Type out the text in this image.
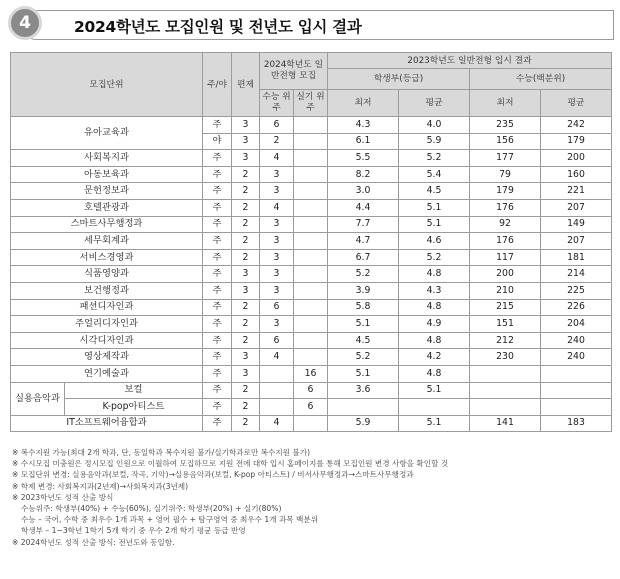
4	2024학년도 모집인원 및 전년도 입시 결과
모집단위		주/야	편제	2024학년도 일반전형 모집		2023학년도 일반전형 입시 결과			
						학생부(등급)		수능(백분위)	
				수능 위주	실기 위주	최저	평균	최저	평균
유아교육과		주	3	6		4.3	4.0	235	242
		야	3	2		6.1	5.9	156	179
사회복지과		주	3	4		5.5	5.2	177	200
아동보육과		주	2	3		8.2	5.4	79	160
문헌정보과		주	2	3		3.0	4.5	179	221
호텔관광과		주	2	4		4.4	5.1	176	207
스마트사무행정과		주	2	3		7.7	5.1	92	149
세무회계과		주	2	3		4.7	4.6	176	207
서비스경영과		주	2	3		6.7	5.2	117	181
식품영양과		주	3	3		5.2	4.8	200	214
보건행정과		주	3	3		3.9	4.3	210	225
패션디자인과		주	2	6		5.8	4.8	215	226
주얼리디자인과		주	2	3		5.1	4.9	151	204
시각디자인과		주	2	6		4.5	4.8	212	240
영상제작과		주	3	4		5.2	4.2	230	240
연기예술과		주	3		16	5.1	4.8		
실용음악과	보컬	주	2		6	3.6	5.1		
	K-pop아티스트	주	2		6				
IT소프트웨어융합과		주	2	4		5.9	5.1	141	183
※ 복수지원 가능(최대 2개 학과, 단, 동일학과 복수지원 불가/실기학과로만 복수지원 불가)
※ 수시모집 미충원은 정시모집 인원으로 이월하여 모집하므로 지원 전에 대학 입시 홈페이지를 통해 모집인원 변경 사항을 확인할 것
※ 모집단위 변경: 실용음악과(보컬, 작곡, 기악)→실용음악과(보컬, K-pop 아티스트) / 비서사무행정과→스마트사무행정과
※ 학제 변경: 사회복지과(2년제)→사회복지과(3년제)
※ 2023학년도 성적 산출 방식
수능위주: 학생부(40%) + 수능(60%), 실기위주: 학생부(20%) + 실기(80%)
수능 – 국어, 수학 중 최우수 1개 과목 + 영어 필수 + 탐구영역 중 최우수 1개 과목 백분위
학생부 – 1~3학년 1학기 5개 학기 중 우수 2개 학기 평균 등급 반영
※ 2024학년도 성적 산출 방식: 전년도와 동일함.
